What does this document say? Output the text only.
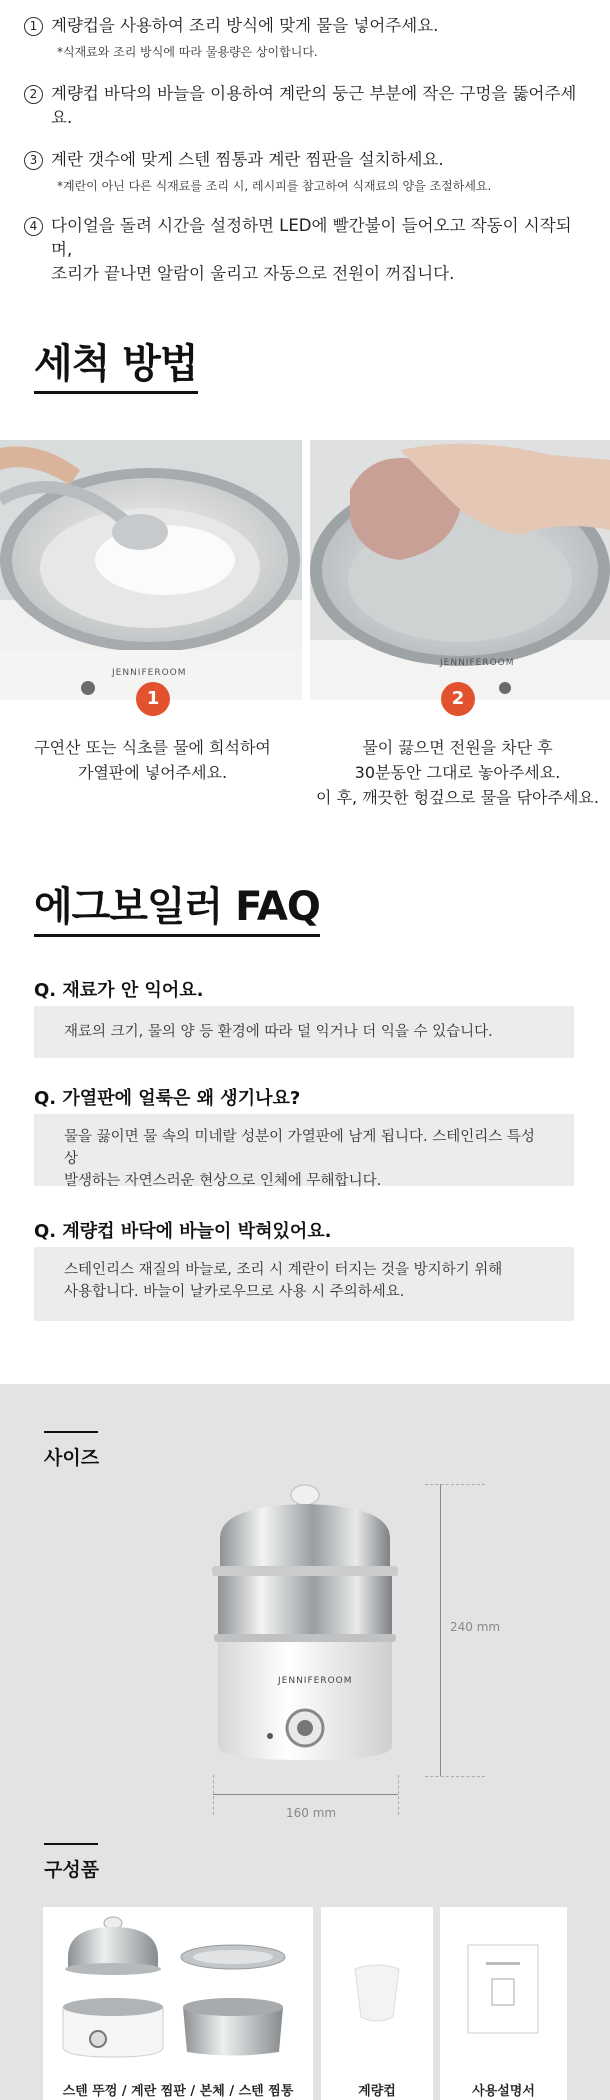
1 계량컵을 사용하여 조리 방식에 맞게 물을 넣어주세요.
*식재료와 조리 방식에 따라 물용량은 상이합니다.
2 계량컵 바닥의 바늘을 이용하여 계란의 둥근 부분에 작은 구멍을 뚫어주세요.
3 계란 갯수에 맞게 스텐 찜통과 계란 찜판을 설치하세요.
*계란이 아닌 다른 식재료를 조리 시, 레시피를 참고하여 식재료의 양을 조절하세요.
4 다이얼을 돌려 시간을 설정하면 LED에 빨간불이 들어오고 작동이 시작되며,
조리가 끝나면 알람이 울리고 자동으로 전원이 꺼집니다.
세척 방법
1	2
JENNIFEROOM
JENNIFEROOM
구연산 또는 식초를 물에 희석하여
가열판에 넣어주세요.
물이 끓으면 전원을 차단 후
30분동안 그대로 놓아주세요.
이 후, 깨끗한 헝겊으로 물을 닦아주세요.
에그보일러 FAQ
Q. 재료가 안 익어요.
재료의 크기, 물의 양 등 환경에 따라 덜 익거나 더 익을 수 있습니다.
Q. 가열판에 얼룩은 왜 생기나요?
물을 끓이면 물 속의 미네랄 성분이 가열판에 남게 됩니다. 스테인리스 특성상
발생하는 자연스러운 현상으로 인체에 무해합니다.
Q. 계량컵 바닥에 바늘이 박혀있어요.
스테인리스 재질의 바늘로, 조리 시 계란이 터지는 것을 방지하기 위해
사용합니다. 바늘이 날카로우므로 사용 시 주의하세요.
사이즈
JENNIFEROOM
240 mm
160 mm
구성품
스텐 뚜껑 / 계란 찜판 / 본체 / 스텐 찜통	계량컵	사용설명서
